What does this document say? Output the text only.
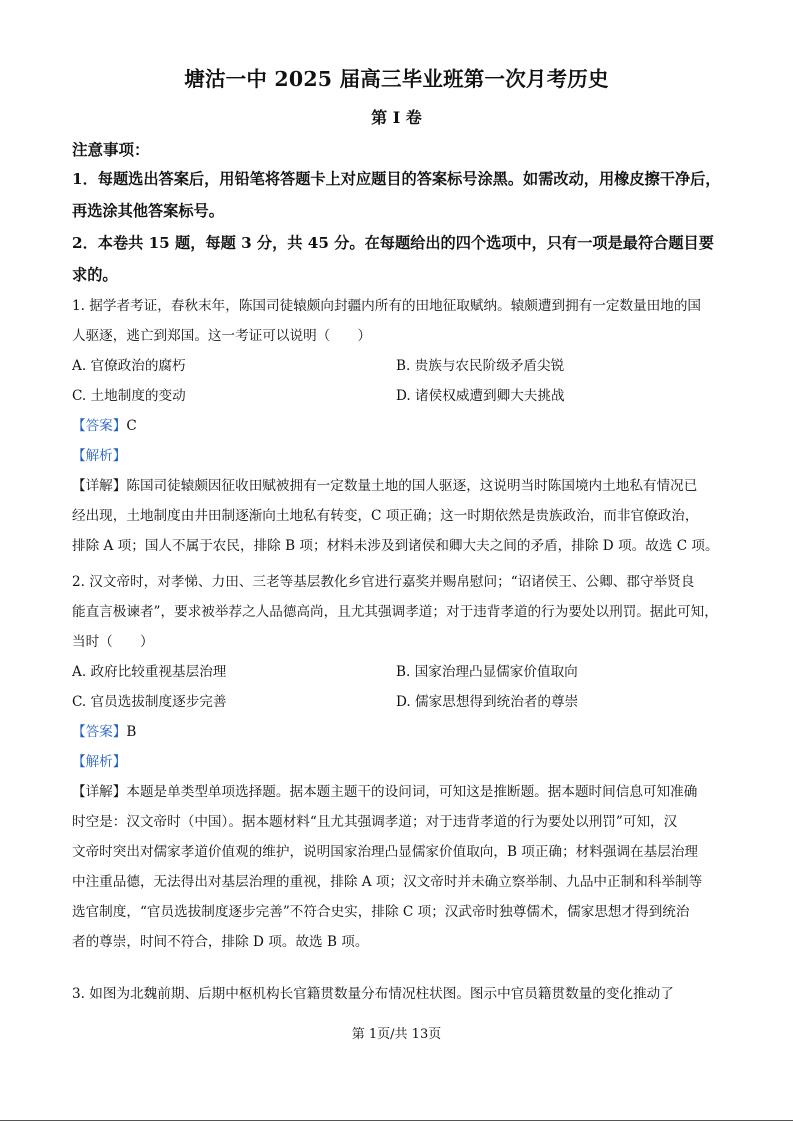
塘沽一中 2025 届高三毕业班第一次月考历史
第 I 卷
注意事项：
1．每题选出答案后，用铅笔将答题卡上对应题目的答案标号涂黑。如需改动，用橡皮擦干净后，
再选涂其他答案标号。
2．本卷共 15 题，每题 3 分，共 45 分。在每题给出的四个选项中，只有一项是最符合题目要
求的。
1. 据学者考证，春秋末年，陈国司徒辕颇向封疆内所有的田地征取赋纳。辕颇遭到拥有一定数量田地的国
人驱逐，逃亡到郑国。这一考证可以说明（　　）
A. 官僚政治的腐朽	B. 贵族与农民阶级矛盾尖锐
C. 土地制度的变动	D. 诸侯权威遭到卿大夫挑战
【答案】C
【解析】
【详解】陈国司徒辕颇因征收田赋被拥有一定数量土地的国人驱逐，这说明当时陈国境内土地私有情况已
经出现，土地制度由井田制逐渐向土地私有转变，C 项正确；这一时期依然是贵族政治，而非官僚政治，
排除 A 项；国人不属于农民，排除 B 项；材料未涉及到诸侯和卿大夫之间的矛盾，排除 D 项。故选 C 项。
2. 汉文帝时，对孝悌、力田、三老等基层教化乡官进行嘉奖并赐帛慰问；“诏诸侯王、公卿、郡守举贤良
能直言极谏者”，要求被举荐之人品德高尚，且尤其强调孝道；对于违背孝道的行为要处以刑罚。据此可知，
当时（　　）
A. 政府比较重视基层治理	B. 国家治理凸显儒家价值取向
C. 官员选拔制度逐步完善	D. 儒家思想得到统治者的尊崇
【答案】B
【解析】
【详解】本题是单类型单项选择题。据本题主题干的设问词，可知这是推断题。据本题时间信息可知准确
时空是：汉文帝时（中国）。据本题材料“且尤其强调孝道；对于违背孝道的行为要处以刑罚”可知，汉
文帝时突出对儒家孝道价值观的维护，说明国家治理凸显儒家价值取向，B 项正确；材料强调在基层治理
中注重品德，无法得出对基层治理的重视，排除 A 项；汉文帝时并未确立察举制、九品中正制和科举制等
选官制度，“官员选拔制度逐步完善”不符合史实，排除 C 项；汉武帝时独尊儒术，儒家思想才得到统治
者的尊崇，时间不符合，排除 D 项。故选 B 项。
3. 如图为北魏前期、后期中枢机构长官籍贯数量分布情况柱状图。图示中官员籍贯数量的变化推动了
第 1页/共 13页
